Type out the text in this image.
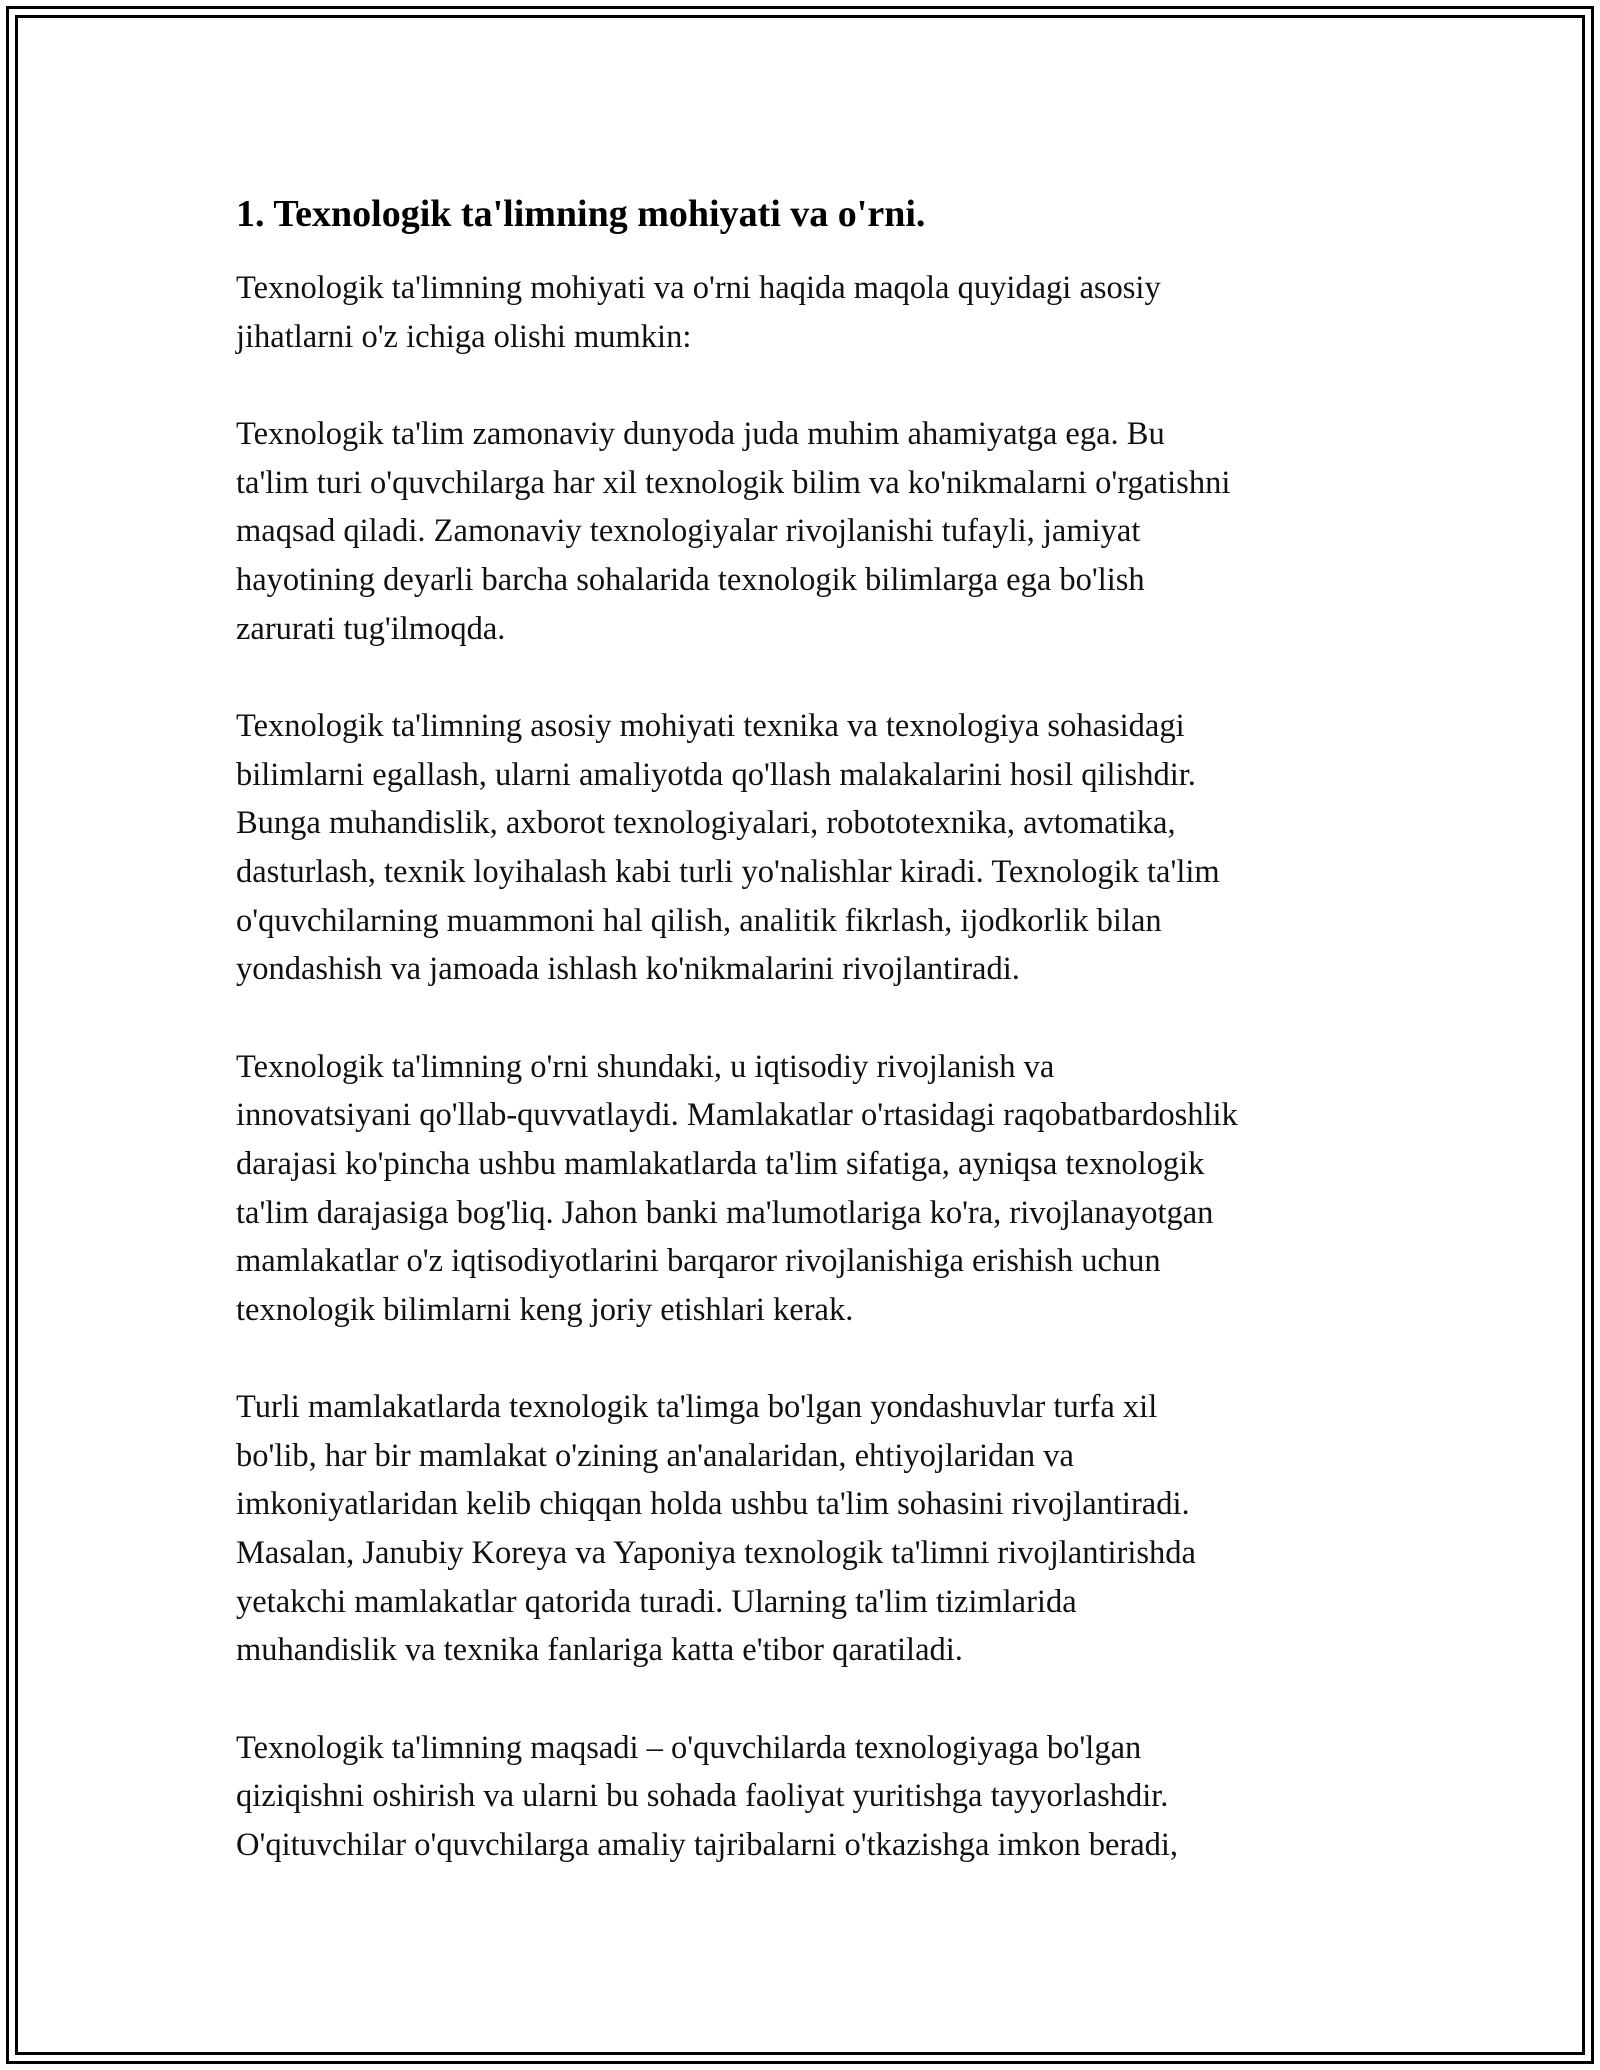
1. Texnologik ta'limning mohiyati va o'rni.

Texnologik ta'limning mohiyati va o'rni haqida maqola quyidagi asosiy
jihatlarni o'z ichiga olishi mumkin:

Texnologik ta'lim zamonaviy dunyoda juda muhim ahamiyatga ega. Bu
ta'lim turi o'quvchilarga har xil texnologik bilim va ko'nikmalarni o'rgatishni
maqsad qiladi. Zamonaviy texnologiyalar rivojlanishi tufayli, jamiyat
hayotining deyarli barcha sohalarida texnologik bilimlarga ega bo'lish
zarurati tug'ilmoqda.

Texnologik ta'limning asosiy mohiyati texnika va texnologiya sohasidagi
bilimlarni egallash, ularni amaliyotda qo'llash malakalarini hosil qilishdir.
Bunga muhandislik, axborot texnologiyalari, robototexnika, avtomatika,
dasturlash, texnik loyihalash kabi turli yo'nalishlar kiradi. Texnologik ta'lim
o'quvchilarning muammoni hal qilish, analitik fikrlash, ijodkorlik bilan
yondashish va jamoada ishlash ko'nikmalarini rivojlantiradi.

Texnologik ta'limning o'rni shundaki, u iqtisodiy rivojlanish va
innovatsiyani qo'llab-quvvatlaydi. Mamlakatlar o'rtasidagi raqobatbardoshlik
darajasi ko'pincha ushbu mamlakatlarda ta'lim sifatiga, ayniqsa texnologik
ta'lim darajasiga bog'liq. Jahon banki ma'lumotlariga ko'ra, rivojlanayotgan
mamlakatlar o'z iqtisodiyotlarini barqaror rivojlanishiga erishish uchun
texnologik bilimlarni keng joriy etishlari kerak.

Turli mamlakatlarda texnologik ta'limga bo'lgan yondashuvlar turfa xil
bo'lib, har bir mamlakat o'zining an'analaridan, ehtiyojlaridan va
imkoniyatlaridan kelib chiqqan holda ushbu ta'lim sohasini rivojlantiradi.
Masalan, Janubiy Koreya va Yaponiya texnologik ta'limni rivojlantirishda
yetakchi mamlakatlar qatorida turadi. Ularning ta'lim tizimlarida
muhandislik va texnika fanlariga katta e'tibor qaratiladi.

Texnologik ta'limning maqsadi – o'quvchilarda texnologiyaga bo'lgan
qiziqishni oshirish va ularni bu sohada faoliyat yuritishga tayyorlashdir.
O'qituvchilar o'quvchilarga amaliy tajribalarni o'tkazishga imkon beradi,
